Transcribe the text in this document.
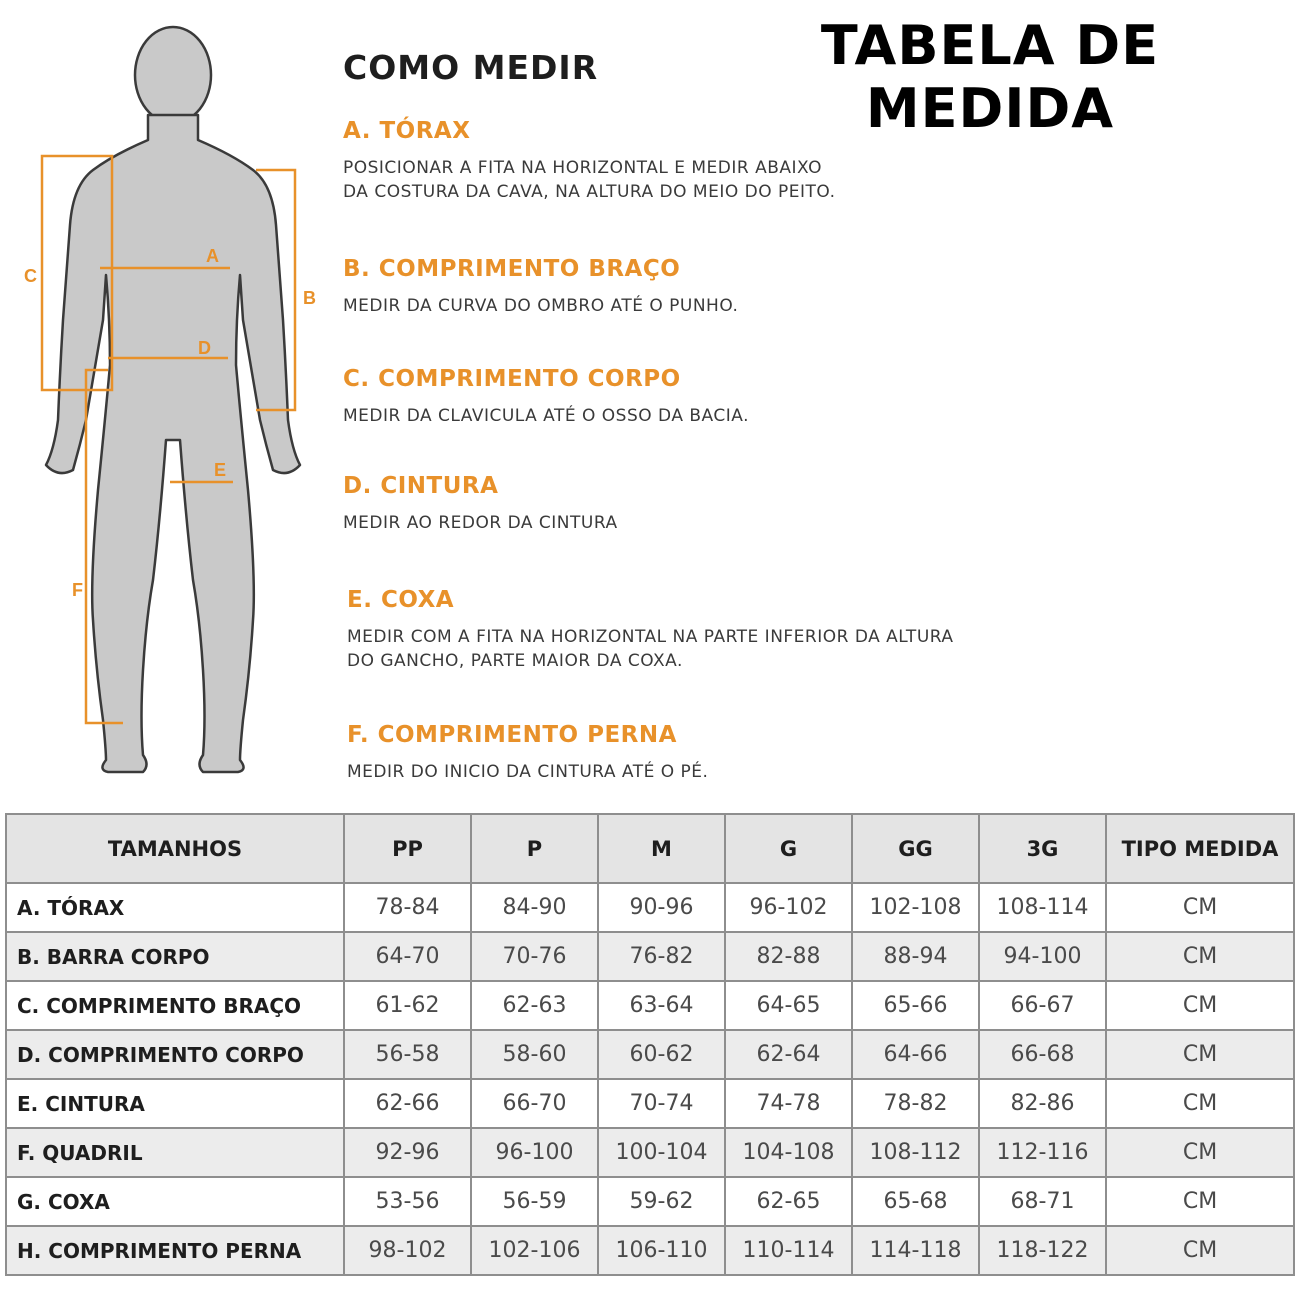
TABELA DE MEDIDA
A
B
C
D
E
F
COMO MEDIR
A. TÓRAX
POSICIONAR A FITA NA HORIZONTAL E MEDIR ABAIXO
DA COSTURA DA CAVA, NA ALTURA DO MEIO DO PEITO.
B. COMPRIMENTO BRAÇO
MEDIR DA CURVA DO OMBRO ATÉ O PUNHO.
C. COMPRIMENTO CORPO
MEDIR DA CLAVICULA ATÉ O OSSO DA BACIA.
D. CINTURA
MEDIR AO REDOR DA CINTURA
E. COXA
MEDIR COM A FITA NA HORIZONTAL NA PARTE INFERIOR DA ALTURA
DO GANCHO, PARTE MAIOR DA COXA.
F. COMPRIMENTO PERNA
MEDIR DO INICIO DA CINTURA ATÉ O PÉ.
TAMANHOS	PP	P	M	G	GG	3G	TIPO MEDIDA
A. TÓRAX	78-84	84-90	90-96	96-102	102-108	108-114	CM
B. BARRA CORPO	64-70	70-76	76-82	82-88	88-94	94-100	CM
C. COMPRIMENTO BRAÇO	61-62	62-63	63-64	64-65	65-66	66-67	CM
D. COMPRIMENTO CORPO	56-58	58-60	60-62	62-64	64-66	66-68	CM
E. CINTURA	62-66	66-70	70-74	74-78	78-82	82-86	CM
F. QUADRIL	92-96	96-100	100-104	104-108	108-112	112-116	CM
G. COXA	53-56	56-59	59-62	62-65	65-68	68-71	CM
H. COMPRIMENTO PERNA	98-102	102-106	106-110	110-114	114-118	118-122	CM
